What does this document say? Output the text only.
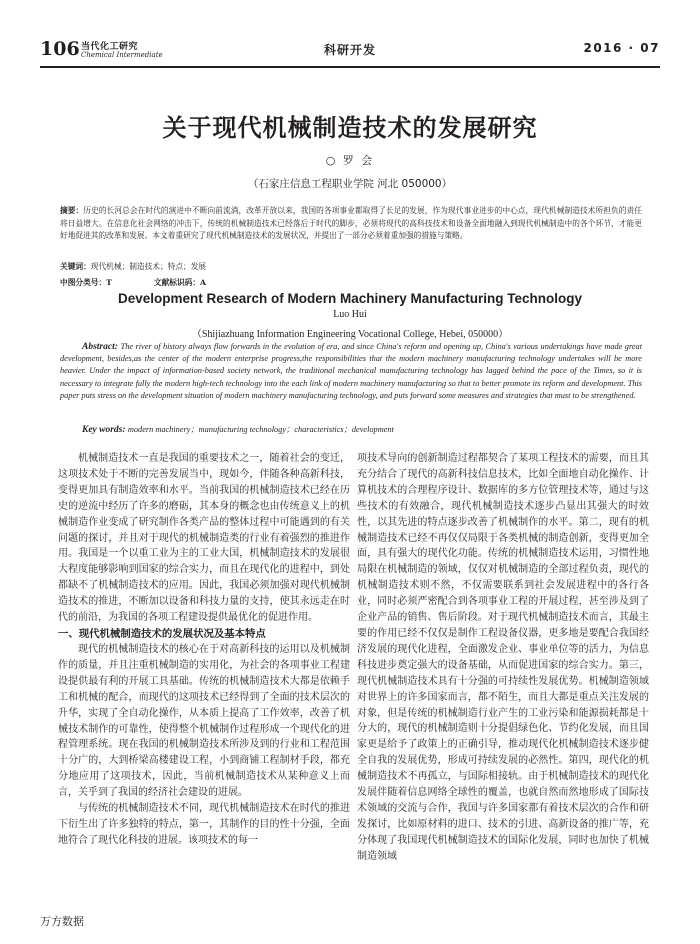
106 当代化工研究
Chemical Intermediate	科研开发	2016 · 07
关于现代机械制造技术的发展研究
○ 罗 会
（石家庄信息工程职业学院 河北 050000）
摘要：历史的长河总会在时代的演进中不断向前流淌，改革开放以来，我国的各项事业都取得了长足的发展，作为现代事业进步的中心点，现代机械制造技术所担负的责任将日益增大。在信息化社会网络的冲击下，传统的机械制造技术已经落后于时代的脚步，必须将现代的高科技技术和设备全面地融入到现代机械制造中的各个环节，才能更好地促进其的改革和发展。本文着重研究了现代机械制造技术的发展状况，并提出了一部分必须着重加强的措施与策略。
关键词：现代机械；制造技术；特点；发展
中图分类号：T	文献标识码：A
Development Research of Modern Machinery Manufacturing Technology
Luo Hui
（Shijiazhuang Information Engineering Vocational College, Hebei, 050000）
Abstract: The river of history always flow forwards in the evolution of era, and since China's reform and opening up, China's various undertakings have made great development, besides,as the center of the modern enterprise progress,the responsibilities that the modern machinery manufacturing technology undertakes will be more heavier. Under the impact of information-based society network, the traditional mechanical manufacturing technology has lagged behind the pace of the Times, so it is necessary to integrate fully the modern high-tech technology into the each link of modern machinery manufacturing so that to better promote its reform and development. This paper puts stress on the development situation of modern machinery manufacturing technology, and puts forward some measures and strategies that must to be strengthened.
Key words: modern machinery；manufacturing technology；characteristics；development

机械制造技术一直是我国的重要技术之一，随着社会的变迁，这项技术处于不断的完善发展当中，现如今，伴随各种高新科技，变得更加具有制造效率和水平。当前我国的机械制造技术已经在历史的逆流中经历了许多的磨砺，其本身的概念也由传统意义上的机械制造作业变成了研究制作各类产品的整体过程中可能遇到的有关问题的探讨，并且对于现代的机械制造类的行业有着强烈的推进作用。我国是一个以重工业为主的工业大国，机械制造技术的发展很大程度能够影响到国家的综合实力，而且在现代化的进程中，到处都缺不了机械制造技术的应用。因此，我国必须加强对现代机械制造技术的推进，不断加以设备和科技力量的支持，使其永远走在时代的前沿，为我国的各项工程建设提供最优化的促进作用。

一、现代机械制造技术的发展状况及基本特点

现代的机械制造技术的核心在于对高新科技的运用以及机械制作的质量，并且注重机械制造的实用化，为社会的各项事业工程建设提供最有利的开展工具基础。传统的机械制造技术大都是依赖手工和机械的配合，而现代的这项技术已经得到了全面的技术层次的升华，实现了全自动化操作，从本质上提高了工作效率，改善了机械技术制作的可靠性，使得整个机械制作过程形成一个现代化的进程管理系统。现在我国的机械制造技术所涉及到的行业和工程范围十分广的，大到桥梁高楼建设工程，小到商铺工程制材手段，都充分地应用了这项技术，因此，当前机械制造技术从某种意义上而言，关乎到了我国的经济社会建设的进展。

与传统的机械制造技术不同，现代机械制造技术在时代的推进下衍生出了许多独特的特点，第一，其制作的目的性十分强，全面地符合了现代化科技的进展。该项技术的每一

项技术导向的创新制造过程都契合了某项工程技术的需要，而且其充分结合了现代的高新科技信息技术，比如全面地自动化操作、计算机技术的合理程序设计、数据库的多方位管理技术等，通过与这些技术的有效融合，现代机械制造技术逐步凸显出其强大的时效性，以其先进的特点逐步改善了机械制作的水平。第二，现有的机械制造技术已经不再仅仅局限于各类机械的制造创新，变得更加全面，具有强大的现代化功能。传统的机械制造技术运用，习惯性地局限在机械制造的领域，仅仅对机械制造的全部过程负责，现代的机械制造技术则不然，不仅需要联系到社会发展进程中的各行各业，同时必须严密配合到各项事业工程的开展过程，甚至涉及到了企业产品的销售、售后阶段。对于现代机械制造技术而言，其最主要的作用已经不仅仅是制作工程设备仪器，更多地是要配合我国经济发展的现代化进程，全面激发企业、事业单位等的活力，为信息科技进步奠定强大的设备基础，从而促进国家的综合实力。第三，现代机械制造技术具有十分强的可持续性发展优势。机械制造领域对世界上的许多国家而言，都不陌生，而且大都是重点关注发展的对象，但是传统的机械制造行业产生的工业污染和能源损耗都是十分大的，现代的机械制造则十分提倡绿色化、节约化发展，而且国家更是给予了政策上的正确引导，推动现代化机械制造技术逐步健全自我的发展优势，形成可持续发展的必然性。第四，现代化的机械制造技术不再孤立，与国际相接轨。由于机械制造技术的现代化发展伴随着信息网络全球性的覆盖，也就自然而然地形成了国际技术领域的交流与合作，我国与许多国家都有着技术层次的合作和研发探讨，比如原材料的进口、技术的引进、高新设备的推广等，充分体现了我国现代机械制造技术的国际化发展，同时也加快了机械制造领域

万方数据
